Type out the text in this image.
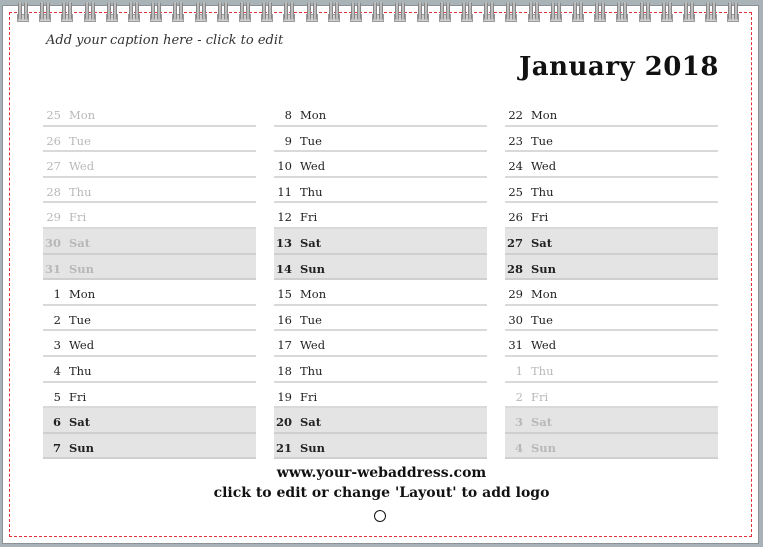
Add your caption here - click to edit
January 2018
25 Mon
26 Tue
27 Wed
28 Thu
29 Fri
30 Sat
31 Sun
1 Mon
2 Tue
3 Wed
4 Thu
5 Fri
6 Sat
7 Sun
8 Mon
9 Tue
10 Wed
11 Thu
12 Fri
13 Sat
14 Sun
15 Mon
16 Tue
17 Wed
18 Thu
19 Fri
20 Sat
21 Sun
22 Mon
23 Tue
24 Wed
25 Thu
26 Fri
27 Sat
28 Sun
29 Mon
30 Tue
31 Wed
1 Thu
2 Fri
3 Sat
4 Sun
www.your-webaddress.com
click to edit or change 'Layout' to add logo
